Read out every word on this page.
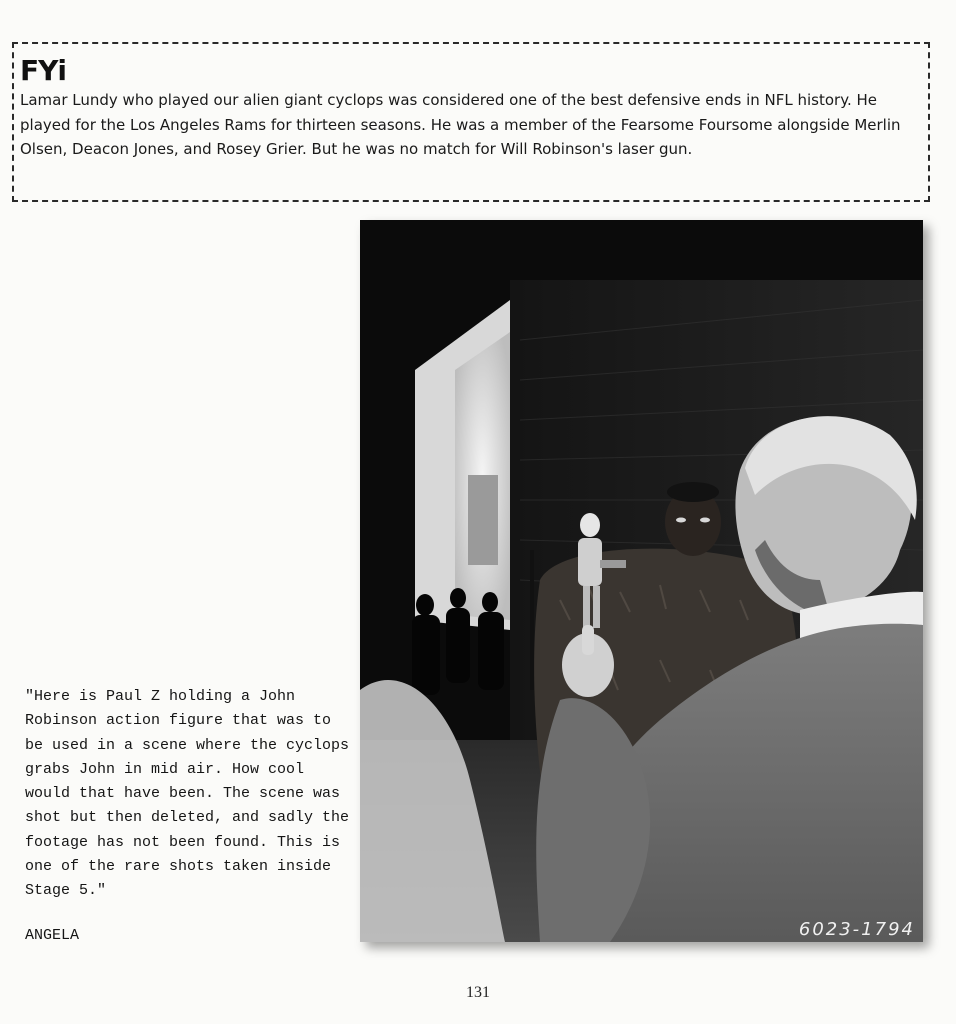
FYi

Lamar Lundy who played our alien giant cyclops was considered one of the best defensive ends in NFL history. He played for the Los Angeles Rams for thirteen seasons. He was a member of the Fearsome Foursome alongside Merlin Olsen, Deacon Jones, and Rosey Grier. But he was no match for Will Robinson's laser gun.

6023-1794

"Here is Paul Z holding a John Robinson action figure that was to be used in a scene where the cyclops grabs John in mid air. How cool would that have been. The scene was shot but then deleted, and sadly the footage has not been found. This is one of the rare shots taken inside Stage 5."

ANGELA
131
